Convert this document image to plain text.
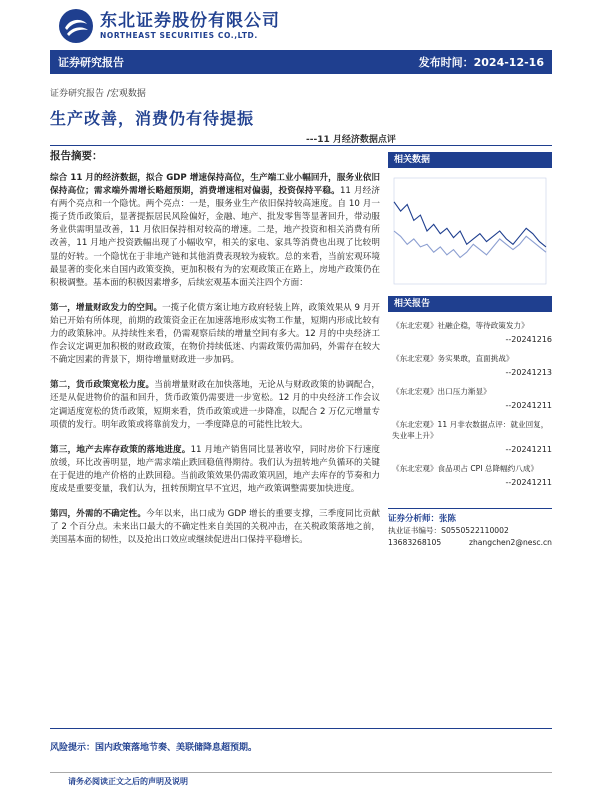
东北证券股份有限公司
NORTHEAST SECURITIES CO.,LTD.
证券研究报告	发布时间：2024-12-16
证券研究报告 /宏观数据
生产改善，消费仍有待提振
---11 月经济数据点评
报告摘要：

综合 11 月的经济数据，拟合 GDP 增速保持高位，生产端工业小幅回升，服务业依旧保持高位；需求端外需增长略超预期，消费增速相对偏弱，投资保持平稳。11 月经济有两个亮点和一个隐忧。两个亮点：一是，服务业生产依旧保持较高速度。自 10 月一揽子货币政策后，显著提振居民风险偏好，金融、地产、批发零售等显著回升，带动服务业供需明显改善，11 月依旧保持相对较高的增速。二是，地产投资和相关消费有所改善，11 月地产投资跌幅出现了小幅收窄，相关的家电、家具等消费也出现了比较明显的好转。一个隐忧在于非地产链和其他消费表现较为疲软。总的来看，当前宏观环境最显著的变化来自国内政策变换，更加积极有为的宏观政策正在路上，房地产政策仍在积极调整。基本面的积极因素增多，后续宏观基本面关注四个方面：

第一，增量财政发力的空间。一揽子化债方案让地方政府轻装上阵，政策效果从 9 月开始已开始有所体现，前期的政策资金正在加速落地形成实物工作量，短期内形成比较有力的政策脉冲。从持续性来看，仍需观察后续的增量空间有多大。12 月的中央经济工作会议定调更加积极的财政政策，在物价持续低迷、内需政策仍需加码，外需存在较大不确定因素的背景下，期待增量财政进一步加码。

第二，货币政策宽松力度。当前增量财政在加快落地，无论从与财政政策的协调配合，还是从促进物价的温和回升，货币政策仍需要进一步宽松。12 月的中央经济工作会议定调适度宽松的货币政策，短期来看，货币政策或进一步降准，以配合 2 万亿元增量专项债的发行。明年政策或将靠前发力，一季度降息的可能性比较大。

第三，地产去库存政策的落地进度。11 月地产销售同比显著收窄，同时房价下行速度放缓，环比改善明显，地产需求端止跌回稳值得期待。我们认为扭转地产负循环的关键在于促进的地产价格的止跌回稳。当前政策效果仍需政策巩固，地产去库存的节奏和力度成是重要变量，我们认为，扭转预期宜早不宜迟，地产政策调整需要加快进度。

第四，外需的不确定性。今年以来，出口成为 GDP 增长的重要支撑，三季度同比贡献了 2 个百分点。未来出口最大的不确定性来自美国的关税冲击，在关税政策落地之前，美国基本面的韧性，以及抢出口效应或继续促进出口保持平稳增长。

相关数据
相关报告
《东北宏观》社融企稳，等待政策发力》
--20241216
《东北宏观》务实果敢，直面挑战》
--20241213
《东北宏观》出口压力渐显》
--20241211
《东北宏观》11 月非农数据点评：就业回复，失业率上升》
--20241211
《东北宏观》食品项占 CPI 总降幅约八成》
--20241211
证券分析师：张陈
执业证书编号：S0550522110002
13683268105	zhangchen2@nesc.cn
风险提示：国内政策落地节奏、美联储降息超预期。
请务必阅读正文之后的声明及说明
